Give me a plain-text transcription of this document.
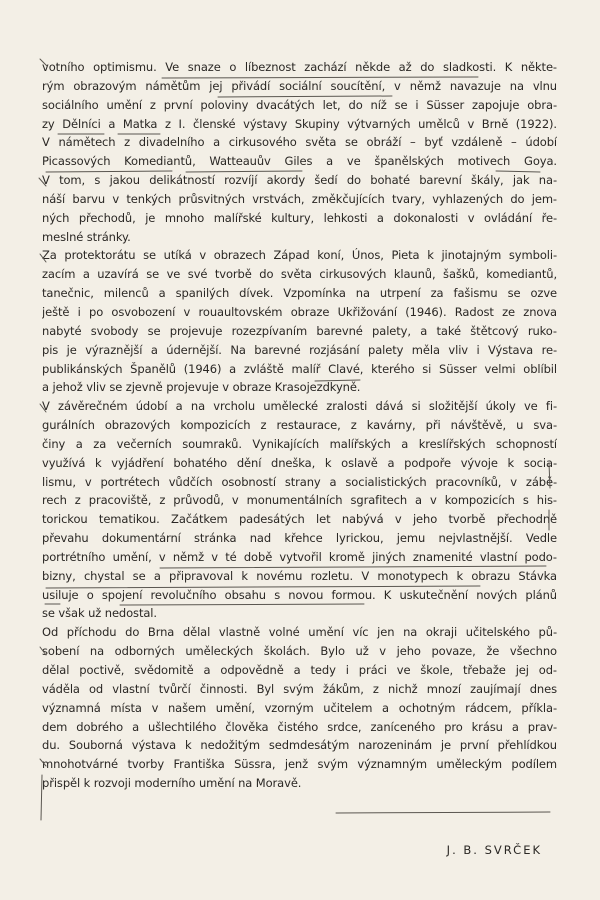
votního optimismu. Ve snaze o líbeznost zachází někde až do sladkosti. K někte-
rým obrazovým námětům jej přivádí sociální soucítění, v němž navazuje na vlnu
sociálního umění z první poloviny dvacátých let, do níž se i Süsser zapojuje obra-
zy Dělníci a Matka z I. členské výstavy Skupiny výtvarných umělců v Brně (1922).
V námětech z divadelního a cirkusového světa se obráží – byť vzdáleně – údobí
Picassových Komediantů, Watteauův Giles a ve španělských motivech Goya.
V tom, s jakou delikátností rozvíjí akordy šedí do bohaté barevní škály, jak na-
náší barvu v tenkých průsvitných vrstvách, změkčujících tvary, vyhlazených do jem-
ných přechodů, je mnoho malířské kultury, lehkosti a dokonalosti v ovládání ře-
meslné stránky.
Za protektorátu se utíká v obrazech Západ koní, Únos, Pieta k jinotajným symboli-
zacím a uzavírá se ve své tvorbě do světa cirkusových klaunů, šašků, komediantů,
tanečnic, milenců a spanilých dívek. Vzpomínka na utrpení za fašismu se ozve
ještě i po osvobození v rouaultovském obraze Ukřižování (1946). Radost ze znova
nabyté svobody se projevuje rozezpívaním barevné palety, a také štětcový ruko-
pis je výraznější a údernější. Na barevné rozjásání palety měla vliv i Výstava re-
publikánských Španělů (1946) a zvláště malíř Clavé, kterého si Süsser velmi oblíbil
a jehož vliv se zjevně projevuje v obraze Krasojezdkyně.
V závěrečném údobí a na vrcholu umělecké zralosti dává si složitější úkoly ve fi-
gurálních obrazových kompozicích z restaurace, z kavárny, při návštěvě, u sva-
činy a za večerních soumraků. Vynikajících malířských a kreslířských schopností
využívá k vyjádření bohatého dění dneška, k oslavě a podpoře vývoje k socia-
lismu, v portrétech vůdčích osobností strany a socialistických pracovníků, v zábě-
rech z pracoviště, z průvodů, v monumentálních sgrafitech a v kompozicích s his-
torickou tematikou. Začátkem padesátých let nabývá v jeho tvorbě přechodně
převahu dokumentární stránka nad křehce lyrickou, jemu nejvlastnější. Vedle
portrétního umění, v němž v té době vytvořil kromě jiných znamenité vlastní podo-
bizny, chystal se a připravoval k novému rozletu. V monotypech k obrazu Stávka
usiluje o spojení revolučního obsahu s novou formou. K uskutečnění nových plánů
se však už nedostal.
Od příchodu do Brna dělal vlastně volné umění víc jen na okraji učitelského pů-
sobení na odborných uměleckých školách. Bylo už v jeho povaze, že všechno
dělal poctivě, svědomitě a odpovědně a tedy i práci ve škole, třebaže jej od-
váděla od vlastní tvůrčí činnosti. Byl svým žákům, z nichž mnozí zaujímají dnes
významná místa v našem umění, vzorným učitelem a ochotným rádcem, příkla-
dem dobrého a ušlechtilého člověka čistého srdce, zaníceného pro krásu a prav-
du. Souborná výstava k nedožitým sedmdesátým narozeninám je první přehlídkou
mnohotvárné tvorby Františka Süssra, jenž svým významným uměleckým podílem
přispěl k rozvoji moderního umění na Moravě.
J. B. SVRČEK
